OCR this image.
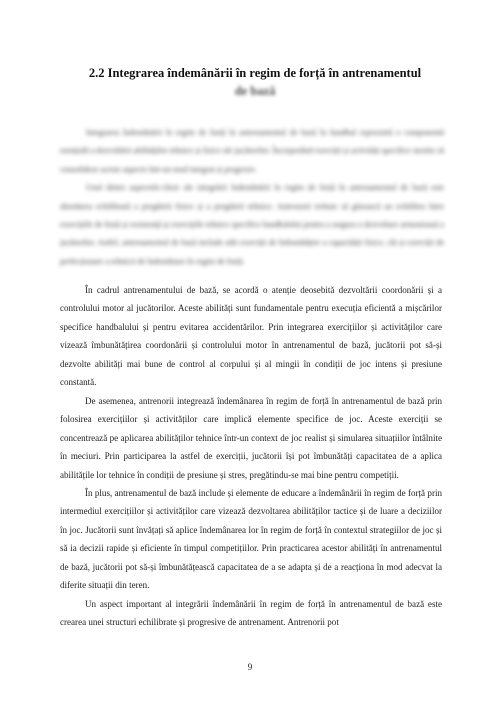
2.2 Integrarea îndemânării în regim de forță în antrenamentul
de bază

Integrarea îndemânării în regim de forță în antrenamentul de bază în handbal reprezintă o componentă esențială a dezvoltării abilităților tehnice și fizice ale jucătorilor. Încorporând exerciții și activități specifice menite să consolideze aceste aspecte într-un mod integrat și progresiv.

Unul dintre aspectele-cheie ale integrării îndemânării în regim de forță în antrenamentul de bază este abordarea echilibrată a pregătirii fizice și a pregătirii tehnice. Antrenorii trebuie să găsească un echilibru între exercițiile de forță și rezistență și exercițiile tehnice specifice handbalului pentru a asigura o dezvoltare armonioasă a jucătorilor. Astfel, antrenamentul de bază include atât exerciții de îmbunătățire a capacității fizice, cât și exerciții de perfecționare a tehnicii de îndemânare în regim de forță.

În cadrul antrenamentului de bază, se acordă o atenție deosebită dezvoltării coordonării și a controlului motor al jucătorilor. Aceste abilități sunt fundamentale pentru execuția eficientă a mișcărilor specifice handbalului și pentru evitarea accidentărilor. Prin integrarea exercițiilor și activităților care vizează îmbunătățirea coordonării și controlului motor în antrenamentul de bază, jucătorii pot să-și dezvolte abilități mai bune de control al corpului și al mingii în condiții de joc intens și presiune constantă.

De asemenea, antrenorii integrează îndemânarea în regim de forță în antrenamentul de bază prin folosirea exercițiilor și activităților care implică elemente specifice de joc. Aceste exerciții se concentrează pe aplicarea abilităților tehnice într-un context de joc realist și simularea situațiilor întâlnite în meciuri. Prin participarea la astfel de exerciții, jucătorii își pot îmbunătăți capacitatea de a aplica abilitățile lor tehnice în condiții de presiune și stres, pregătindu-se mai bine pentru competiții.

În plus, antrenamentul de bază include și elemente de educare a îndemânării în regim de forță prin intermediul exercițiilor și activităților care vizează dezvoltarea abilităților tactice și de luare a deciziilor în joc. Jucătorii sunt învățați să aplice îndemânarea lor în regim de forță în contextul strategiilor de joc și să ia decizii rapide și eficiente în timpul competițiilor. Prin practicarea acestor abilități în antrenamentul de bază, jucătorii pot să-și îmbunătățească capacitatea de a se adapta și de a reacționa în mod adecvat la diferite situații din teren.

Un aspect important al integrării îndemânării în regim de forță în antrenamentul de bază este crearea unei structuri echilibrate și progresive de antrenament. Antrenorii pot

9
